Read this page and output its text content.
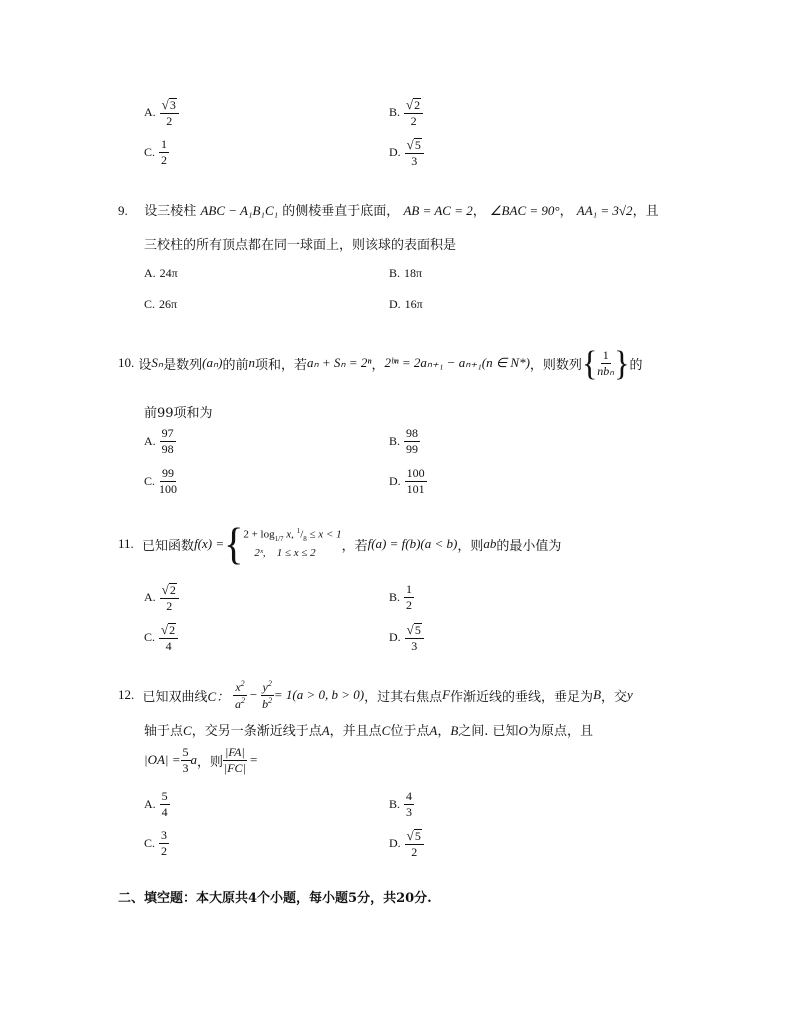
A. $\frac{√ 3}{2}$	B. $\frac{√ 2}{2}$
C. $\frac{1}{2}$	D. $\frac{√ 5}{3}$
9. 设三棱柱 ABC − A₁B₁C₁ 的侧棱垂直于底面， AB = AC = 2， ∠BAC = 90°， AA₁ = 3√2，且
三校柱的所有顶点都在同一球面上，则该球的表面积是
A. 24π	B. 18π
C. 26π	D. 16π
10.
设 Sₙ 是数列 (aₙ) 的前 n 项和，若 aₙ + Sₙ = 2ⁿ ， 2ᵇⁿ = 2aₙ₊₁ − aₙ₊₁(n ∈ N*) ，则数列 { $\frac{1}{\text{nbₙ}}$ } 的
前99项和为
A. $\frac{97}{98}$	B. $\frac{98}{99}$
C. $\frac{99}{100}$	D. $\frac{100}{101}$
11.
已知函数 f(x) = { $2 + \log_{1/7} x$, $^1/_8 \le x < 1$
2ˣ, 1 ≤ x ≤ 2	，若 f(a) = f(b)(a < b) ，则 ab 的最小值为
A. $\frac{√ 2}{2}$	B. $\frac{1}{2}$
C. $\frac{√ 2}{4}$	D. $\frac{√ 5}{3}$
12.
已知双曲线 C：
$\frac{x^2}{a^2} - \frac{y^2}{b^2} = 1(a > 0$, b > 0) ，过其右焦点 F 作渐近线的垂线，垂足为 B ，交 y
轴于点C，交另一条渐近线于点A，并且点C位于点A，B之间. 已知O为原点，且
$|OA| = \frac{5}{3}$ a ，则 $\frac{|FA|}{|FC|}$ =
A. $\frac{5}{4}$	B. $\frac{4}{3}$
C. $\frac{3}{2}$	D. $\frac{√ 5}{2}$
二、填空题：本大原共4个小题，每小题5分，共20分.
